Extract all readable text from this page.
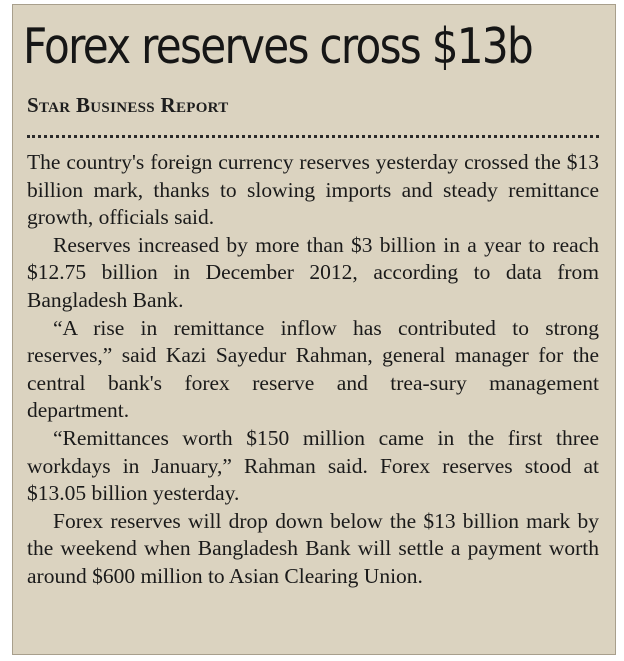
Forex reserves cross $13b
Star Business Report

The country's foreign currency reserves yesterday crossed the $13 billion mark, thanks to slowing imports and steady remittance growth, officials said.

Reserves increased by more than $3 billion in a year to reach $12.75 billion in December 2012, according to data from Bangladesh Bank.

“A rise in remittance inflow has contributed to strong reserves,” said Kazi Sayedur Rahman, general manager for the central bank's forex reserve and trea-sury management department.

“Remittances worth $150 million came in the first three workdays in January,” Rahman said. Forex reserves stood at $13.05 billion yesterday.

Forex reserves will drop down below the $13 billion mark by the weekend when Bangladesh Bank will settle a payment worth around $600 million to Asian Clearing Union.
